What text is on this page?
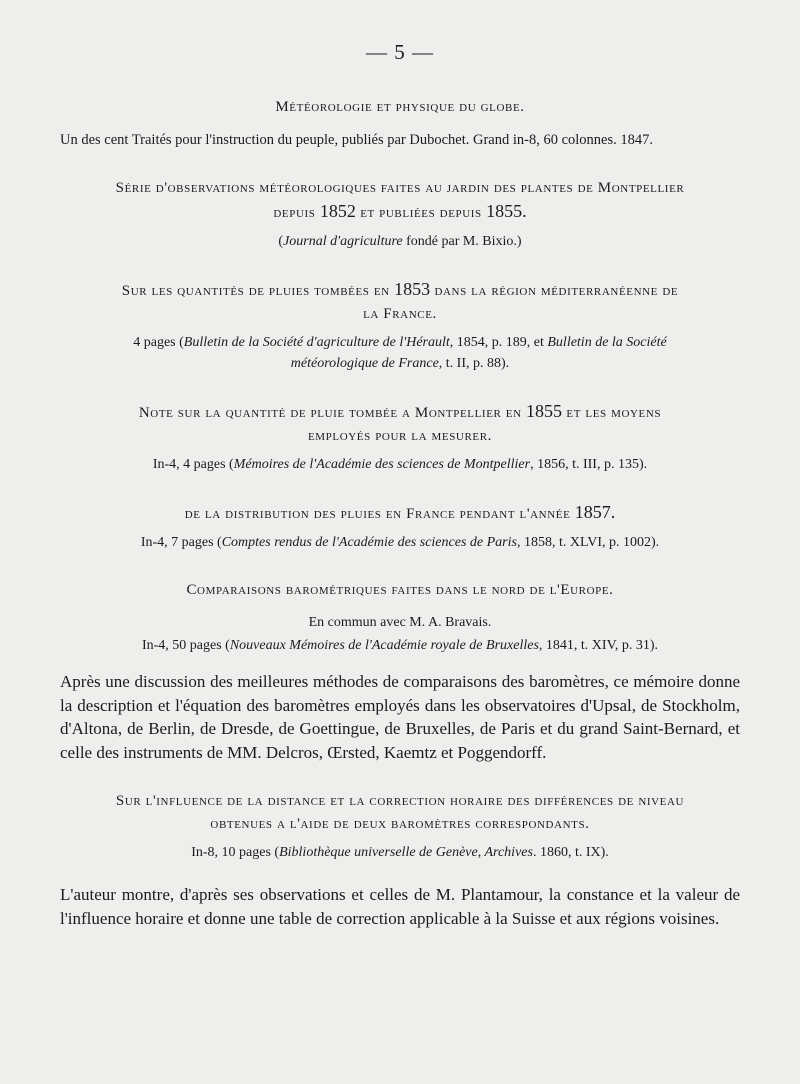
— 5 —

Météorologie et physique du globe.

Un des cent Traités pour l'instruction du peuple, publiés par Dubochet. Grand in-8, 60 colonnes. 1847.

Série d'observations météorologiques faites au jardin des plantes de Montpellier

depuis 1852 et publiées depuis 1855.

(Journal d'agriculture fondé par M. Bixio.)

Sur les quantités de pluies tombées en 1853 dans la région méditerranéenne de

la France.

4 pages (Bulletin de la Société d'agriculture de l'Hérault, 1854, p. 189, et Bulletin de la Société
météorologique de France, t. II, p. 88).

Note sur la quantité de pluie tombée a Montpellier en 1855 et les moyens

employés pour la mesurer.

In-4, 4 pages (Mémoires de l'Académie des sciences de Montpellier, 1856, t. III, p. 135).

de la distribution des pluies en France pendant l'année 1857.

In-4, 7 pages (Comptes rendus de l'Académie des sciences de Paris, 1858, t. XLVI, p. 1002).

Comparaisons barométriques faites dans le nord de l'Europe.

En commun avec M. A. Bravais.

In-4, 50 pages (Nouveaux Mémoires de l'Académie royale de Bruxelles, 1841, t. XIV, p. 31).

Après une discussion des meilleures méthodes de comparaisons des baromètres, ce mémoire donne la description et l'équation des baromètres employés dans les observatoires d'Upsal, de Stockholm, d'Altona, de Berlin, de Dresde, de Goettingue, de Bruxelles, de Paris et du grand Saint-Bernard, et celle des instruments de MM. Delcros, Œrsted, Kaemtz et Poggendorff.

Sur l'influence de la distance et la correction horaire des différences de niveau

obtenues a l'aide de deux baromètres correspondants.

In-8, 10 pages (Bibliothèque universelle de Genève, Archives. 1860, t. IX).

L'auteur montre, d'après ses observations et celles de M. Plantamour, la constance et la valeur de l'influence horaire et donne une table de correction applicable à la Suisse et aux régions voisines.
